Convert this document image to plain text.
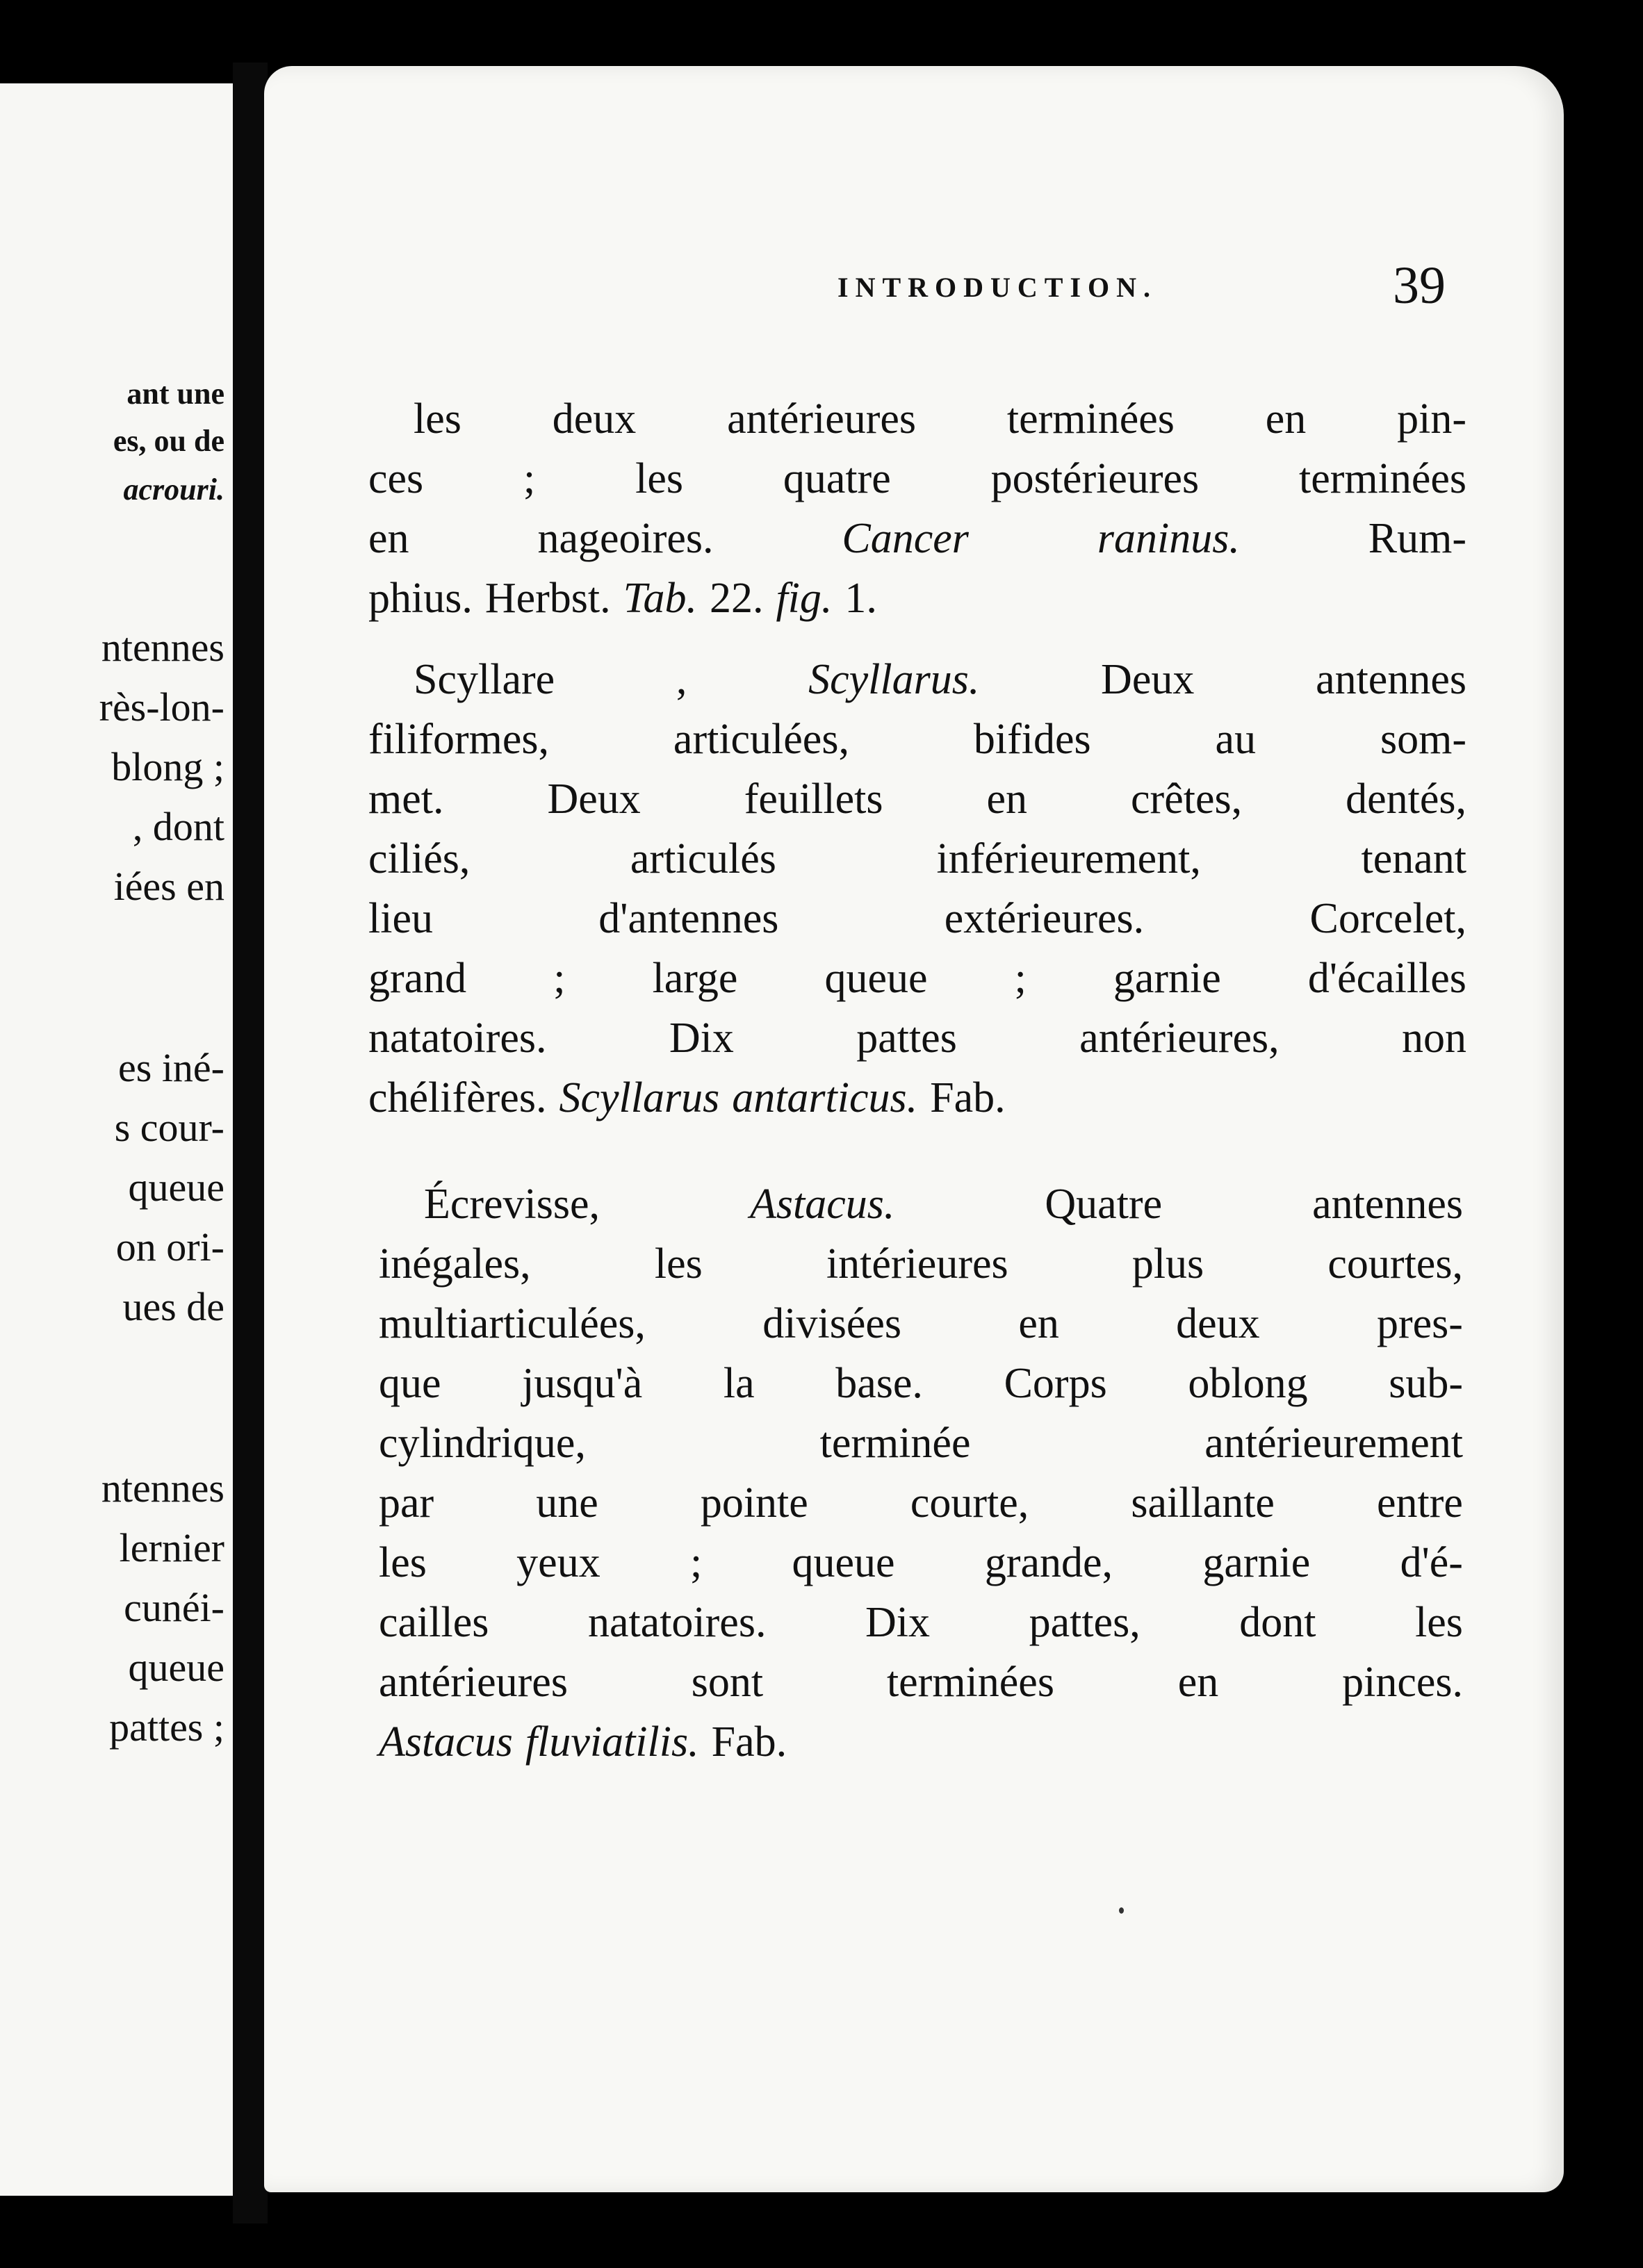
ant une
es, ou de
acrouri.
ntennes
rès-lon-
blong ;
, dont
iées en
es iné-
s cour-
queue
on ori-
ues de
ntennes
lernier
cunéi-
queue
pattes ;
INTRODUCTION.	39
les deux antérieures terminées en pin-
ces ; les quatre postérieures terminées
en	nageoires.	Cancer	raninus.	Rum-
phius. Herbst. Tab. 22. fig. 1.
Scyllare	,	Scyllarus.	Deux	antennes
filiformes,	articulées,	bifides	au	som-
met. Deux feuillets en crêtes, dentés,
ciliés,	articulés	inférieurement,	tenant
lieu	d'antennes	extérieures.	Corcelet,
grand ; large queue ; garnie d'écailles
natatoires.	Dix	pattes	antérieures,	non
chélifères. Scyllarus antarticus. Fab.
Écrevisse,	Astacus.	Quatre	antennes
inégales,	les	intérieures	plus	courtes,
multiarticulées,	divisées	en	deux	pres-
que jusqu'à la base. Corps oblong sub-
cylindrique,	terminée	antérieurement
par une pointe courte, saillante entre
les yeux ; queue grande, garnie d'é-
cailles natatoires. Dix pattes, dont les
antérieures	sont	terminées	en	pinces.
Astacus fluviatilis. Fab.
